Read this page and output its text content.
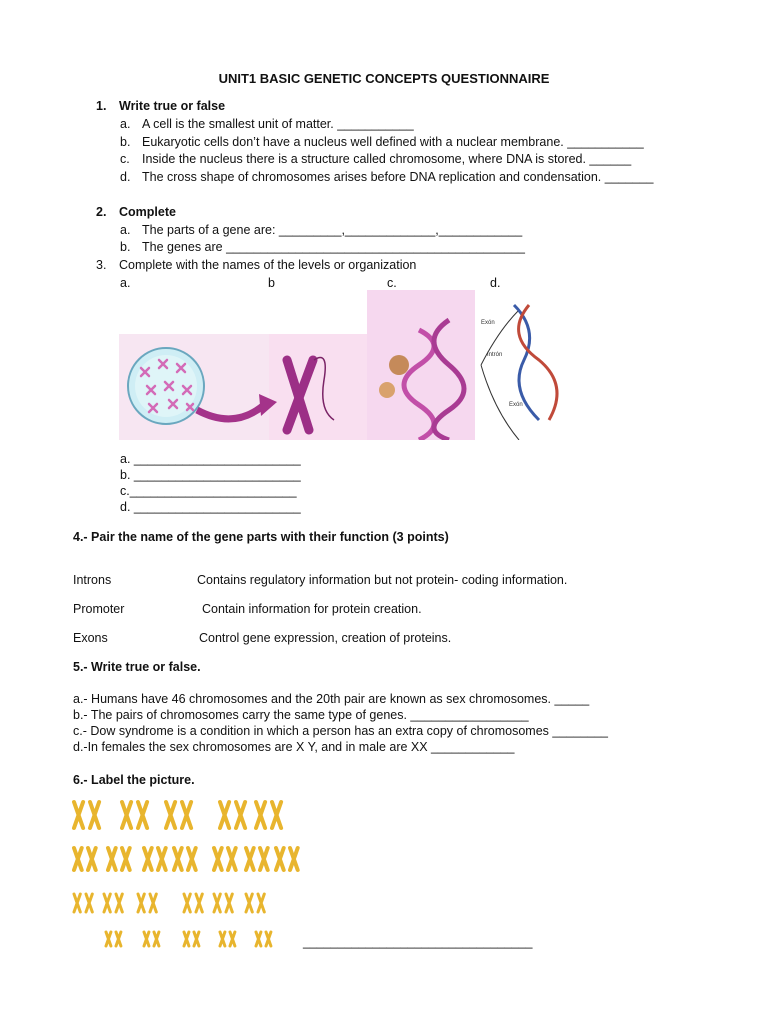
UNIT1 BASIC GENETIC CONCEPTS QUESTIONNAIRE
1. Write true or false
a. A cell is the smallest unit of matter. ___________
b. Eukaryotic cells don’t have a nucleus well defined with a nuclear membrane. ___________
c. Inside the nucleus there is a structure called chromosome, where DNA is stored. ______
d. The cross shape of chromosomes arises before DNA replication and condensation. _______
2. Complete
a. The parts of a gene are: _________,_____________,____________
b. The genes are ___________________________________________
3. Complete with the names of the levels or organization
a.	b	c.	d.
Exón
Intrón
Exón
a. ________________________
b. ________________________
c.________________________
d. ________________________
4.- Pair the name of the gene parts with their function (3 points)
Introns	Contains regulatory information but not protein- coding information.
Promoter	Contain information for protein creation.
Exons	Control gene expression, creation of proteins.
5.- Write true or false.
a.- Humans have 46 chromosomes and the 20th pair are known as sex chromosomes. _____
b.- The pairs of chromosomes carry the same type of genes. _________________
c.- Dow syndrome is a condition in which a person has an extra copy of chromosomes ________
d.-In females the sex chromosomes are X Y, and in male are XX ____________
6.- Label the picture.
_________________________________
